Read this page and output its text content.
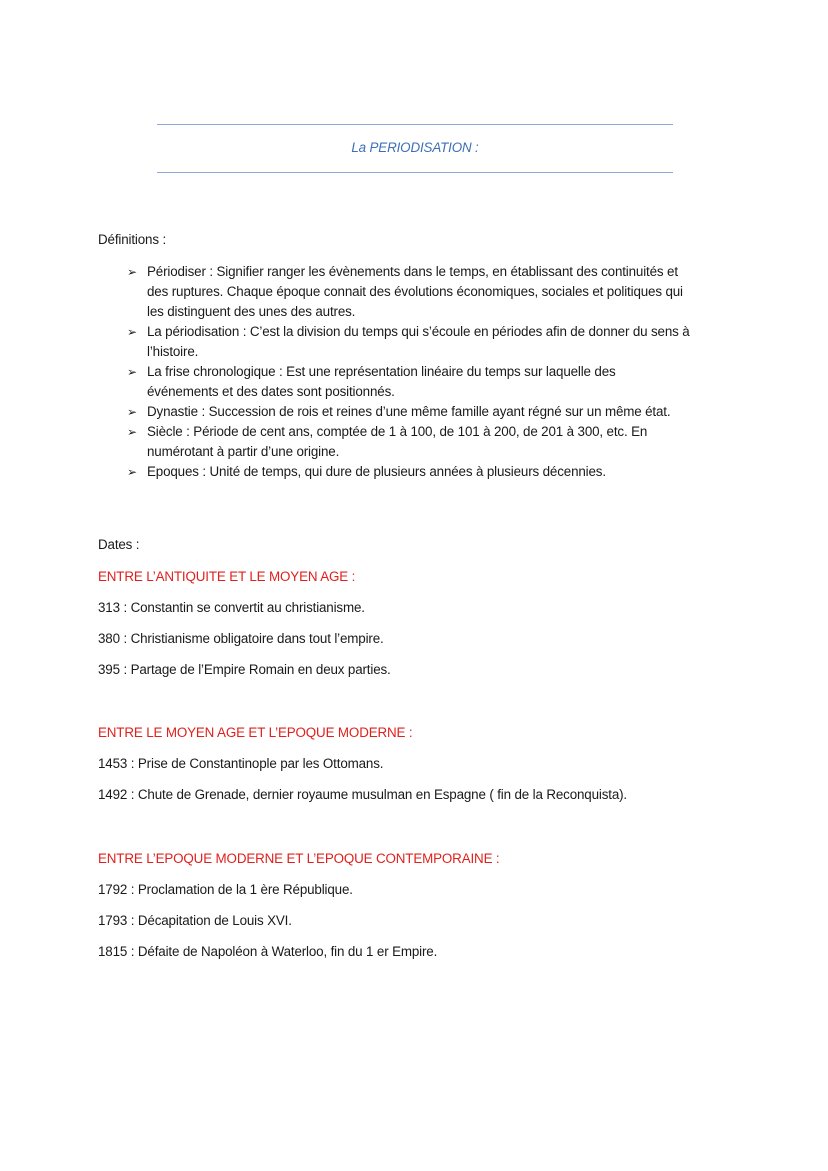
La PERIODISATION :
Définitions :
➢ Périodiser : Signifier ranger les évènements dans le temps, en établissant des continuités et
des ruptures. Chaque époque connait des évolutions économiques, sociales et politiques qui
les distinguent des unes des autres.
➢ La périodisation : C’est la division du temps qui s’écoule en périodes afin de donner du sens à
l’histoire.
➢ La frise chronologique : Est une représentation linéaire du temps sur laquelle des
événements et des dates sont positionnés.
➢ Dynastie : Succession de rois et reines d’une même famille ayant régné sur un même état.
➢ Siècle : Période de cent ans, comptée de 1 à 100, de 101 à 200, de 201 à 300, etc. En
numérotant à partir d’une origine.
➢ Epoques : Unité de temps, qui dure de plusieurs années à plusieurs décennies.
Dates :
ENTRE L’ANTIQUITE ET LE MOYEN AGE :
313 : Constantin se convertit au christianisme.
380 : Christianisme obligatoire dans tout l’empire.
395 : Partage de l’Empire Romain en deux parties.
ENTRE LE MOYEN AGE ET L’EPOQUE MODERNE :
1453 : Prise de Constantinople par les Ottomans.
1492 : Chute de Grenade, dernier royaume musulman en Espagne ( fin de la Reconquista).
ENTRE L’EPOQUE MODERNE ET L’EPOQUE CONTEMPORAINE :
1792 : Proclamation de la 1 ère République.
1793 : Décapitation de Louis XVI.
1815 : Défaite de Napoléon à Waterloo, fin du 1 er Empire.
